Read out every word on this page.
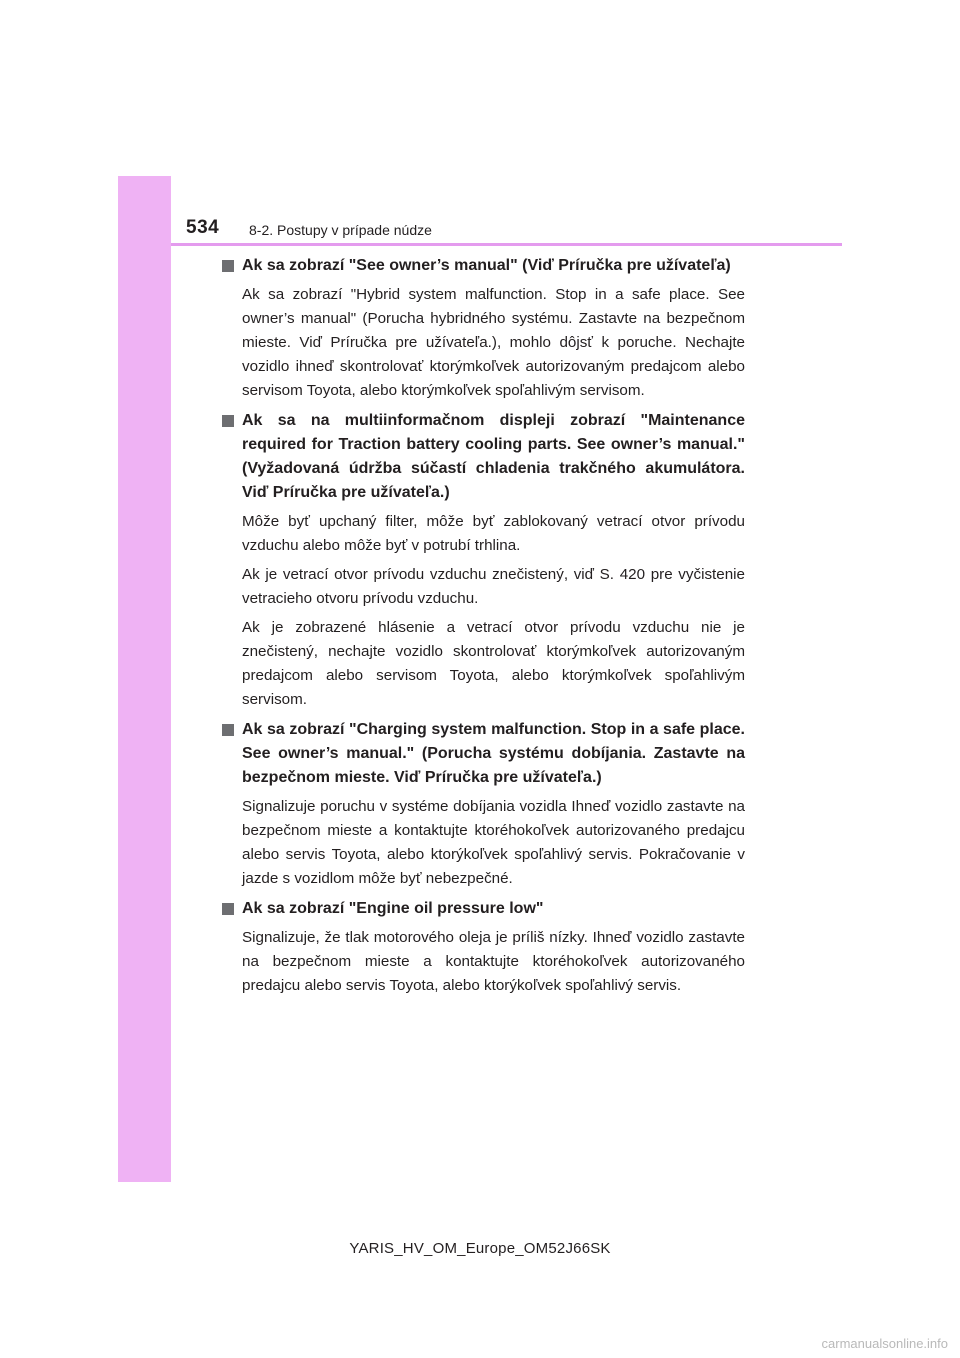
534 8-2. Postupy v prípade núdze
Ak sa zobrazí "See owner’s manual" (Viď Príručka pre užívateľa)

Ak sa zobrazí "Hybrid system malfunction. Stop in a safe place. See owner’s manual" (Porucha hybridného systému. Zastavte na bezpečnom mieste. Viď Príručka pre užívateľa.), mohlo dôjsť k poruche. Nechajte vozidlo ihneď skontrolovať ktorýmkoľvek autorizovaným predajcom alebo servisom Toyota, alebo ktorýmkoľvek spoľahlivým servisom.

Ak sa na multiinformačnom displeji zobrazí "Maintenance required for Traction battery cooling parts. See owner’s manual." (Vyžadovaná údržba súčastí chladenia trakčného akumulátora. Viď Príručka pre užívateľa.)

Môže byť upchaný filter, môže byť zablokovaný vetrací otvor prívodu vzduchu alebo môže byť v potrubí trhlina.

Ak je vetrací otvor prívodu vzduchu znečistený, viď S. 420 pre vyčistenie vetracieho otvoru prívodu vzduchu.

Ak je zobrazené hlásenie a vetrací otvor prívodu vzduchu nie je znečistený, nechajte vozidlo skontrolovať ktorýmkoľvek autorizovaným predajcom alebo servisom Toyota, alebo ktorýmkoľvek spoľahlivým servisom.

Ak sa zobrazí "Charging system malfunction. Stop in a safe place. See owner’s manual." (Porucha systému dobíjania. Zastavte na bezpečnom mieste. Viď Príručka pre užívateľa.)

Signalizuje poruchu v systéme dobíjania vozidla Ihneď vozidlo zastavte na bezpečnom mieste a kontaktujte ktoréhokoľvek autorizovaného predajcu alebo servis Toyota, alebo ktorýkoľvek spoľahlivý servis. Pokračovanie v jazde s vozidlom môže byť nebezpečné.

Ak sa zobrazí "Engine oil pressure low"

Signalizuje, že tlak motorového oleja je príliš nízky. Ihneď vozidlo zastavte na bezpečnom mieste a kontaktujte ktoréhokoľvek autorizovaného predajcu alebo servis Toyota, alebo ktorýkoľvek spoľahlivý servis.

YARIS_HV_OM_Europe_OM52J66SK
carmanualsonline.info
